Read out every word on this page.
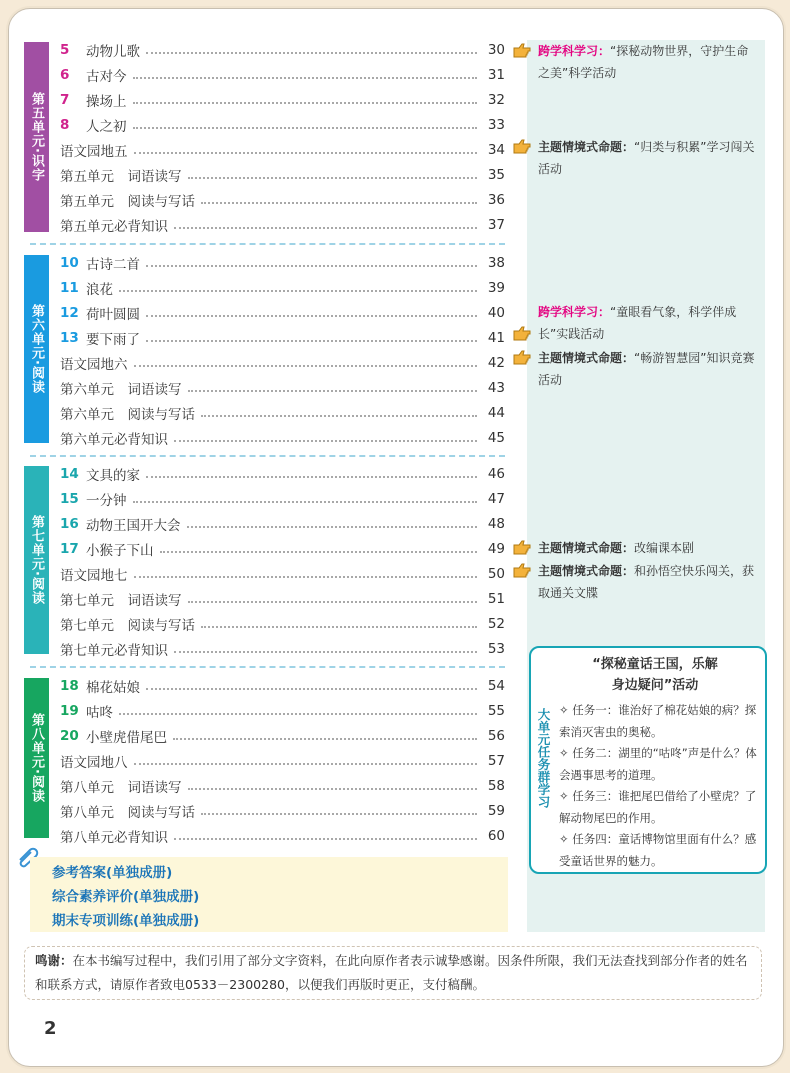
第五单元·识字
5	动物儿歌	30
6	古对今	31
7	操场上	32
8	人之初	33
语文园地五	34
第五单元　词语读写	35
第五单元　阅读与写话	36
第五单元必背知识	37
第六单元·阅读
10 古诗二首	38
11 浪花	39
12 荷叶圆圆	40
13 要下雨了	41
语文园地六	42
第六单元　词语读写	43
第六单元　阅读与写话	44
第六单元必背知识	45
第七单元·阅读
14 文具的家	46
15 一分钟	47
16 动物王国开大会	48
17 小猴子下山	49
语文园地七	50
第七单元　词语读写	51
第七单元　阅读与写话	52
第七单元必背知识	53
第八单元·阅读
18 棉花姑娘	54
19 咕咚	55
20 小壁虎借尾巴	56
语文园地八	57
第八单元　词语读写	58
第八单元　阅读与写话	59
第八单元必背知识	60
跨学科学习：“探秘动物世界，守护生命之美”科学活动
主题情境式命题：“归类与积累”学习闯关活动
跨学科学习：“童眼看气象，科学伴成长”实践活动
主题情境式命题：“畅游智慧园”知识竞赛活动
主题情境式命题：改编课本剧
主题情境式命题：和孙悟空快乐闯关，获取通关文牒
“探秘童话王国，乐解
身边疑问”活动
大单元任务群学习 ✧ 任务一：谁治好了棉花姑娘的病？探索消灭害虫的奥秘。
✧ 任务二：湖里的“咕咚”声是什么？体会遇事思考的道理。
✧ 任务三：谁把尾巴借给了小壁虎？了解动物尾巴的作用。
✧ 任务四：童话博物馆里面有什么？感受童话世界的魅力。
参考答案(单独成册)
综合素养评价(单独成册)
期末专项训练(单独成册)
鸣谢：在本书编写过程中，我们引用了部分文字资料，在此向原作者表示诚挚感谢。因条件所限，我们无法查找到部分作者的姓名和联系方式，请原作者致电0533－2300280，以便我们再版时更正，支付稿酬。
2
